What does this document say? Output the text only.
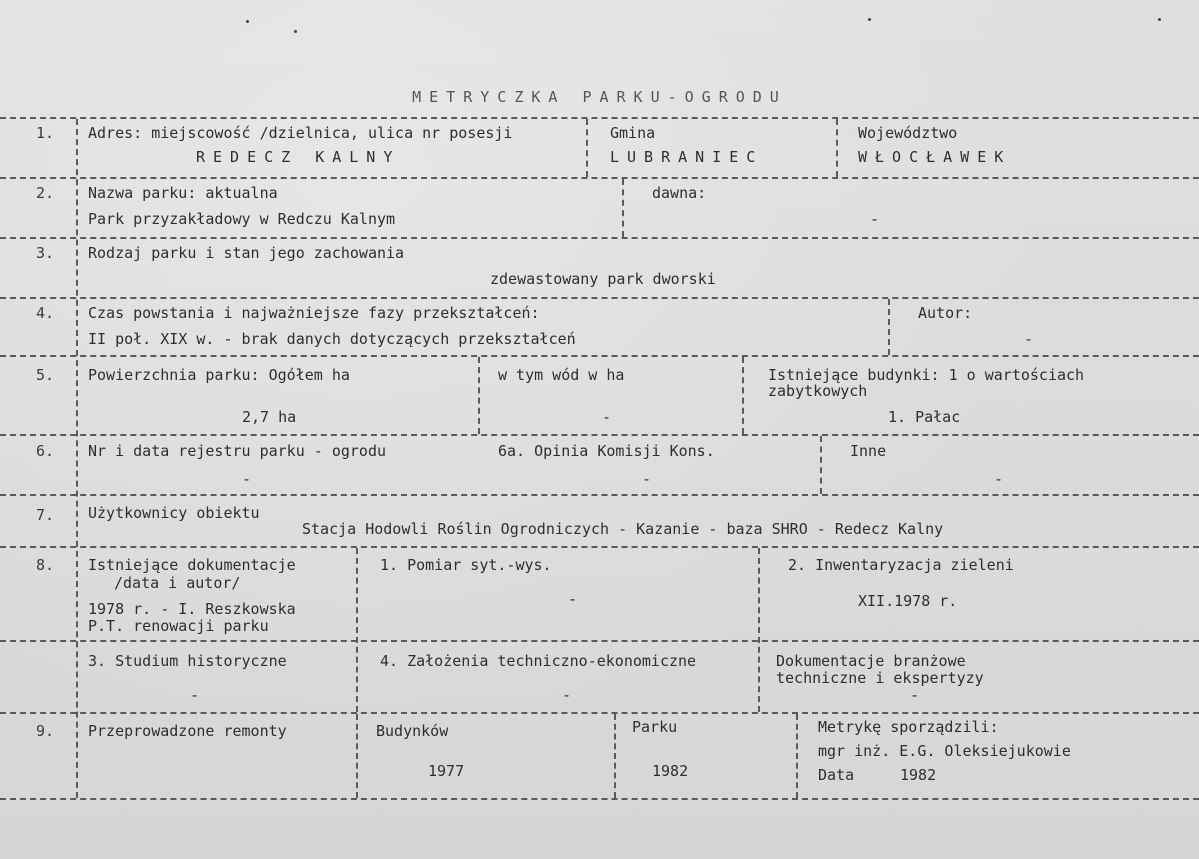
METRYCZKA PARKU-OGRODU
1. Adres: miejscowość /dzielnica, ulica nr posesji
REDECZ KALNY
Gmina
LUBRANIEC
Województwo
WŁOCŁAWEK
2. Nazwa parku: aktualna
Park przyzakładowy w Redczu Kalnym
dawna:
-
3. Rodzaj parku i stan jego zachowania
zdewastowany park dworski
4. Czas powstania i najważniejsze fazy przekształceń:
II poł. XIX w. - brak danych dotyczących przekształceń
Autor:
-
5. Powierzchnia parku: Ogółem ha
2,7 ha
w tym wód w ha
-
Istniejące budynki: 1 o wartościach
zabytkowych
1. Pałac
6. Nr i data rejestru parku - ogrodu
-
6a. Opinia Komisji Kons.
-
Inne
-
7. Użytkownicy obiektu
Stacja Hodowli Roślin Ogrodniczych - Kazanie - baza SHRO - Redecz Kalny
8. Istniejące dokumentacje
/data i autor/
1978 r. - I. Reszkowska
P.T. renowacji parku
1. Pomiar syt.-wys.
-
2. Inwentaryzacja zieleni
XII.1978 r.
3. Studium historyczne
-
4. Założenia techniczno-ekonomiczne
-
Dokumentacje branżowe
techniczne i ekspertyzy
-
9. Przeprowadzone remonty	Budynków
1977
Parku
1982
Metrykę sporządzili:
mgr inż. E.G. Oleksiejukowie
Data	1982
